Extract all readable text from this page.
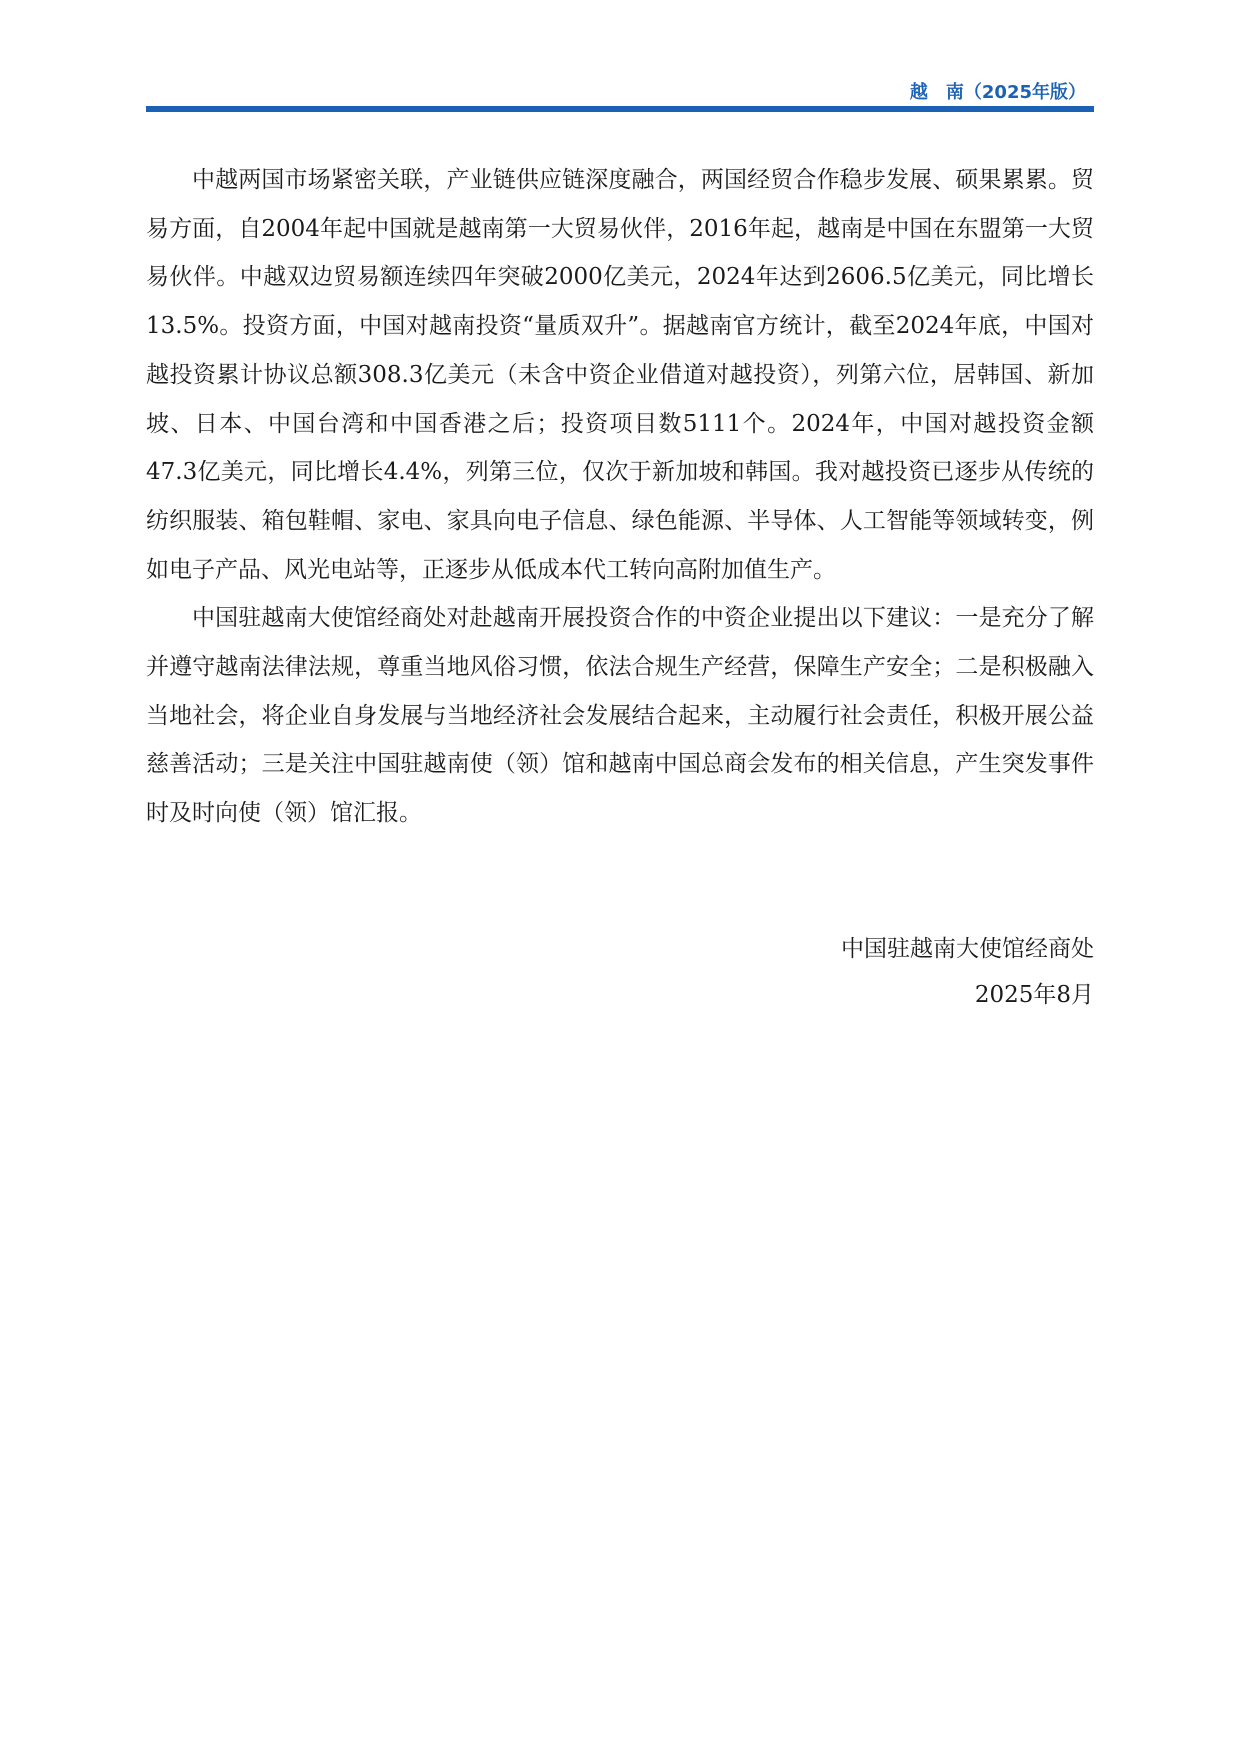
越　南（2025年版）

中越两国市场紧密关联，产业链供应链深度融合，两国经贸合作稳步发展、硕果累累。贸易方面，自2004年起中国就是越南第一大贸易伙伴，2016年起，越南是中国在东盟第一大贸易伙伴。中越双边贸易额连续四年突破2000亿美元，2024年达到2606.5亿美元，同比增长13.5%。投资方面，中国对越南投资“量质双升”。据越南官方统计，截至2024年底，中国对越投资累计协议总额308.3亿美元（未含中资企业借道对越投资），列第六位，居韩国、新加坡、日本、中国台湾和中国香港之后；投资项目数5111个。2024年，中国对越投资金额47.3亿美元，同比增长4.4%，列第三位，仅次于新加坡和韩国。我对越投资已逐步从传统的纺织服装、箱包鞋帽、家电、家具向电子信息、绿色能源、半导体、人工智能等领域转变，例如电子产品、风光电站等，正逐步从低成本代工转向高附加值生产。

中国驻越南大使馆经商处对赴越南开展投资合作的中资企业提出以下建议：一是充分了解并遵守越南法律法规，尊重当地风俗习惯，依法合规生产经营，保障生产安全；二是积极融入当地社会，将企业自身发展与当地经济社会发展结合起来，主动履行社会责任，积极开展公益慈善活动；三是关注中国驻越南使（领）馆和越南中国总商会发布的相关信息，产生突发事件时及时向使（领）馆汇报。

中国驻越南大使馆经商处
2025年8月
